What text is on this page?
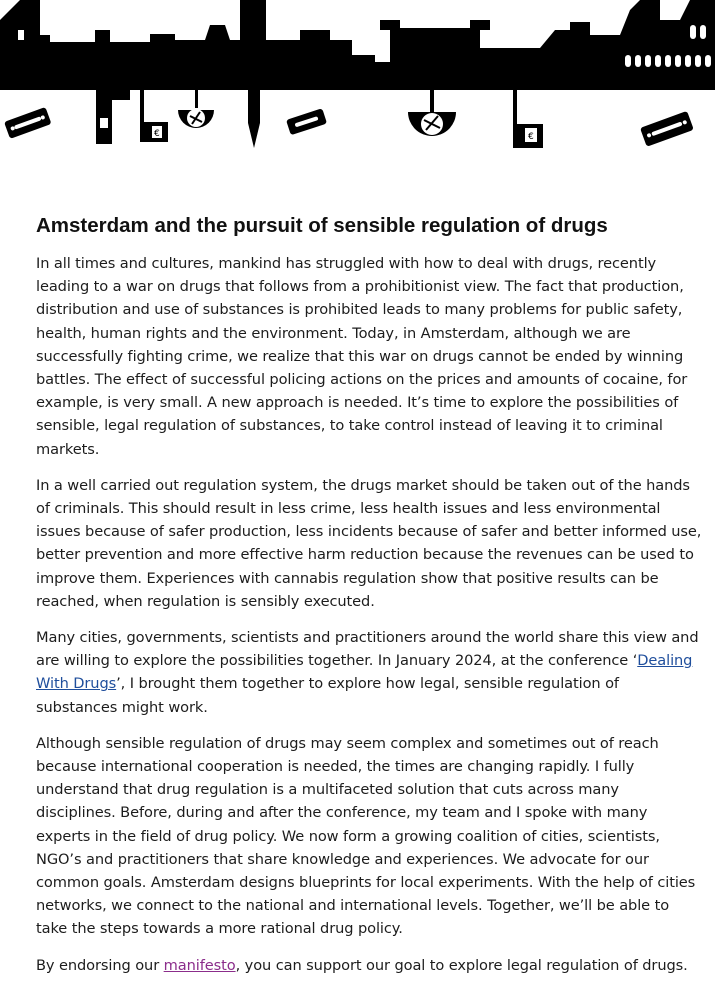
€	€
Amsterdam and the pursuit of sensible regulation of drugs

In all times and cultures, mankind has struggled with how to deal with drugs, recently leading to a war on drugs that follows from a prohibitionist view. The fact that production, distribution and use of substances is prohibited leads to many problems for public safety, health, human rights and the environment. Today, in Amsterdam, although we are successfully fighting crime, we realize that this war on drugs cannot be ended by winning battles. The effect of successful policing actions on the prices and amounts of cocaine, for example, is very small. A new approach is needed. It’s time to explore the possibilities of sensible, legal regulation of substances, to take control instead of leaving it to criminal markets.

In a well carried out regulation system, the drugs market should be taken out of the hands of criminals. This should result in less crime, less health issues and less environmental issues because of safer production, less incidents because of safer and better informed use, better prevention and more effective harm reduction because the revenues can be used to improve them. Experiences with cannabis regulation show that positive results can be reached, when regulation is sensibly executed.

Many cities, governments, scientists and practitioners around the world share this view and are willing to explore the possibilities together. In January 2024, at the conference ‘Dealing With Drugs’, I brought them together to explore how legal, sensible regulation of substances might work.

Although sensible regulation of drugs may seem complex and sometimes out of reach because international cooperation is needed, the times are changing rapidly. I fully understand that drug regulation is a multifaceted solution that cuts across many disciplines. Before, during and after the conference, my team and I spoke with many experts in the field of drug policy. We now form a growing coalition of cities, scientists, NGO’s and practitioners that share knowledge and experiences. We advocate for our common goals. Amsterdam designs blueprints for local experiments. With the help of cities networks, we connect to the national and international levels. Together, we’ll be able to take the steps towards a more rational drug policy.

By endorsing our manifesto, you can support our goal to explore legal regulation of drugs.
